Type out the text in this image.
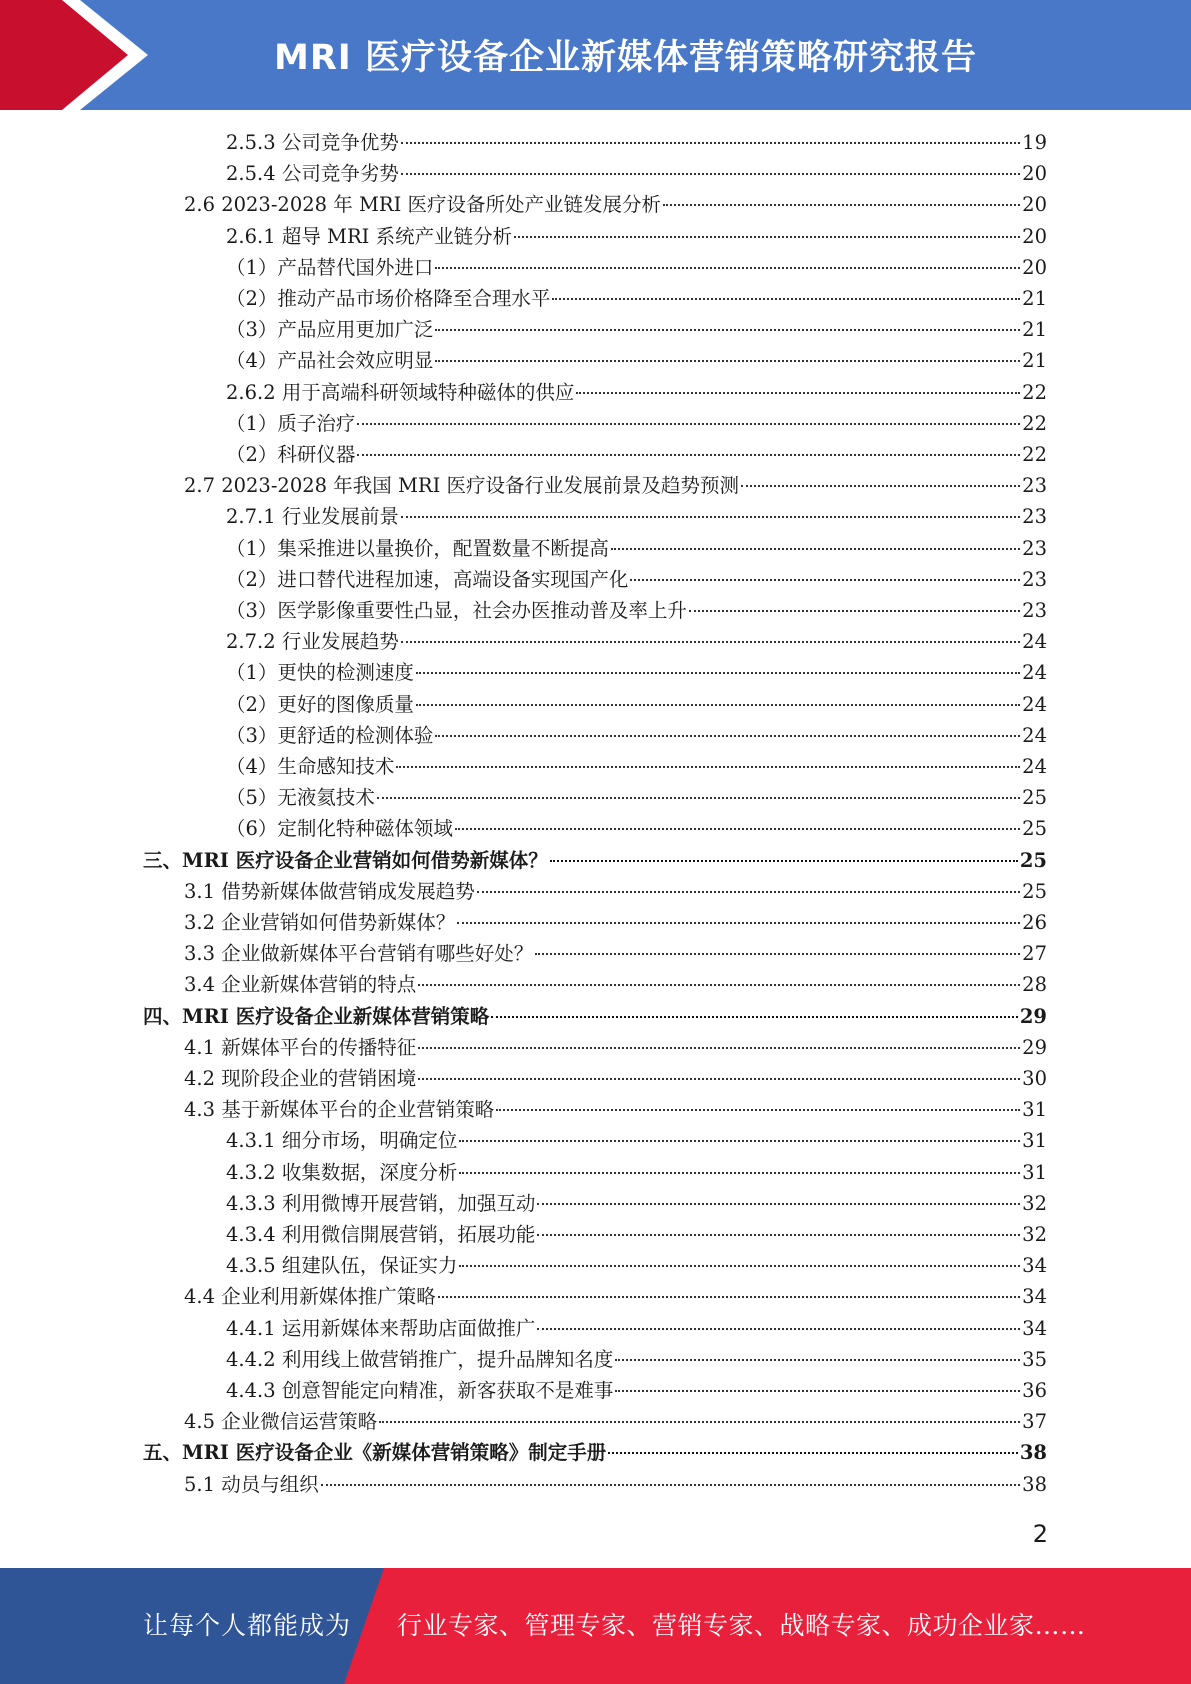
MRI 医疗设备企业新媒体营销策略研究报告
2.5.3 公司竞争优势	19
2.5.4 公司竞争劣势	20
2.6 2023-2028 年 MRI 医疗设备所处产业链发展分析	20
2.6.1 超导 MRI 系统产业链分析	20
（1）产品替代国外进口	20
（2）推动产品市场价格降至合理水平	21
（3）产品应用更加广泛	21
（4）产品社会效应明显	21
2.6.2 用于高端科研领域特种磁体的供应	22
（1）质子治疗	22
（2）科研仪器	22
2.7 2023-2028 年我国 MRI 医疗设备行业发展前景及趋势预测	23
2.7.1 行业发展前景	23
（1）集采推进以量换价，配置数量不断提高	23
（2）进口替代进程加速，高端设备实现国产化	23
（3）医学影像重要性凸显，社会办医推动普及率上升	23
2.7.2 行业发展趋势	24
（1）更快的检测速度	24
（2）更好的图像质量	24
（3）更舒适的检测体验	24
（4）生命感知技术	24
（5）无液氦技术	25
（6）定制化特种磁体领域	25
三、MRI 医疗设备企业营销如何借势新媒体？	25
3.1 借势新媒体做营销成发展趋势	25
3.2 企业营销如何借势新媒体？	26
3.3 企业做新媒体平台营销有哪些好处？	27
3.4 企业新媒体营销的特点	28
四、MRI 医疗设备企业新媒体营销策略	29
4.1 新媒体平台的传播特征	29
4.2 现阶段企业的营销困境	30
4.3 基于新媒体平台的企业营销策略	31
4.3.1 细分市场，明确定位	31
4.3.2 收集数据，深度分析	31
4.3.3 利用微博开展营销，加强互动	32
4.3.4 利用微信開展营销，拓展功能	32
4.3.5 组建队伍，保证实力	34
4.4 企业利用新媒体推广策略	34
4.4.1 运用新媒体来帮助店面做推广	34
4.4.2 利用线上做营销推广，提升品牌知名度	35
4.4.3 创意智能定向精准，新客获取不是难事	36
4.5 企业微信运营策略	37
五、MRI 医疗设备企业《新媒体营销策略》制定手册	38
5.1 动员与组织	38
2
让每个人都能成为 行业专家、管理专家、营销专家、战略专家、成功企业家……
